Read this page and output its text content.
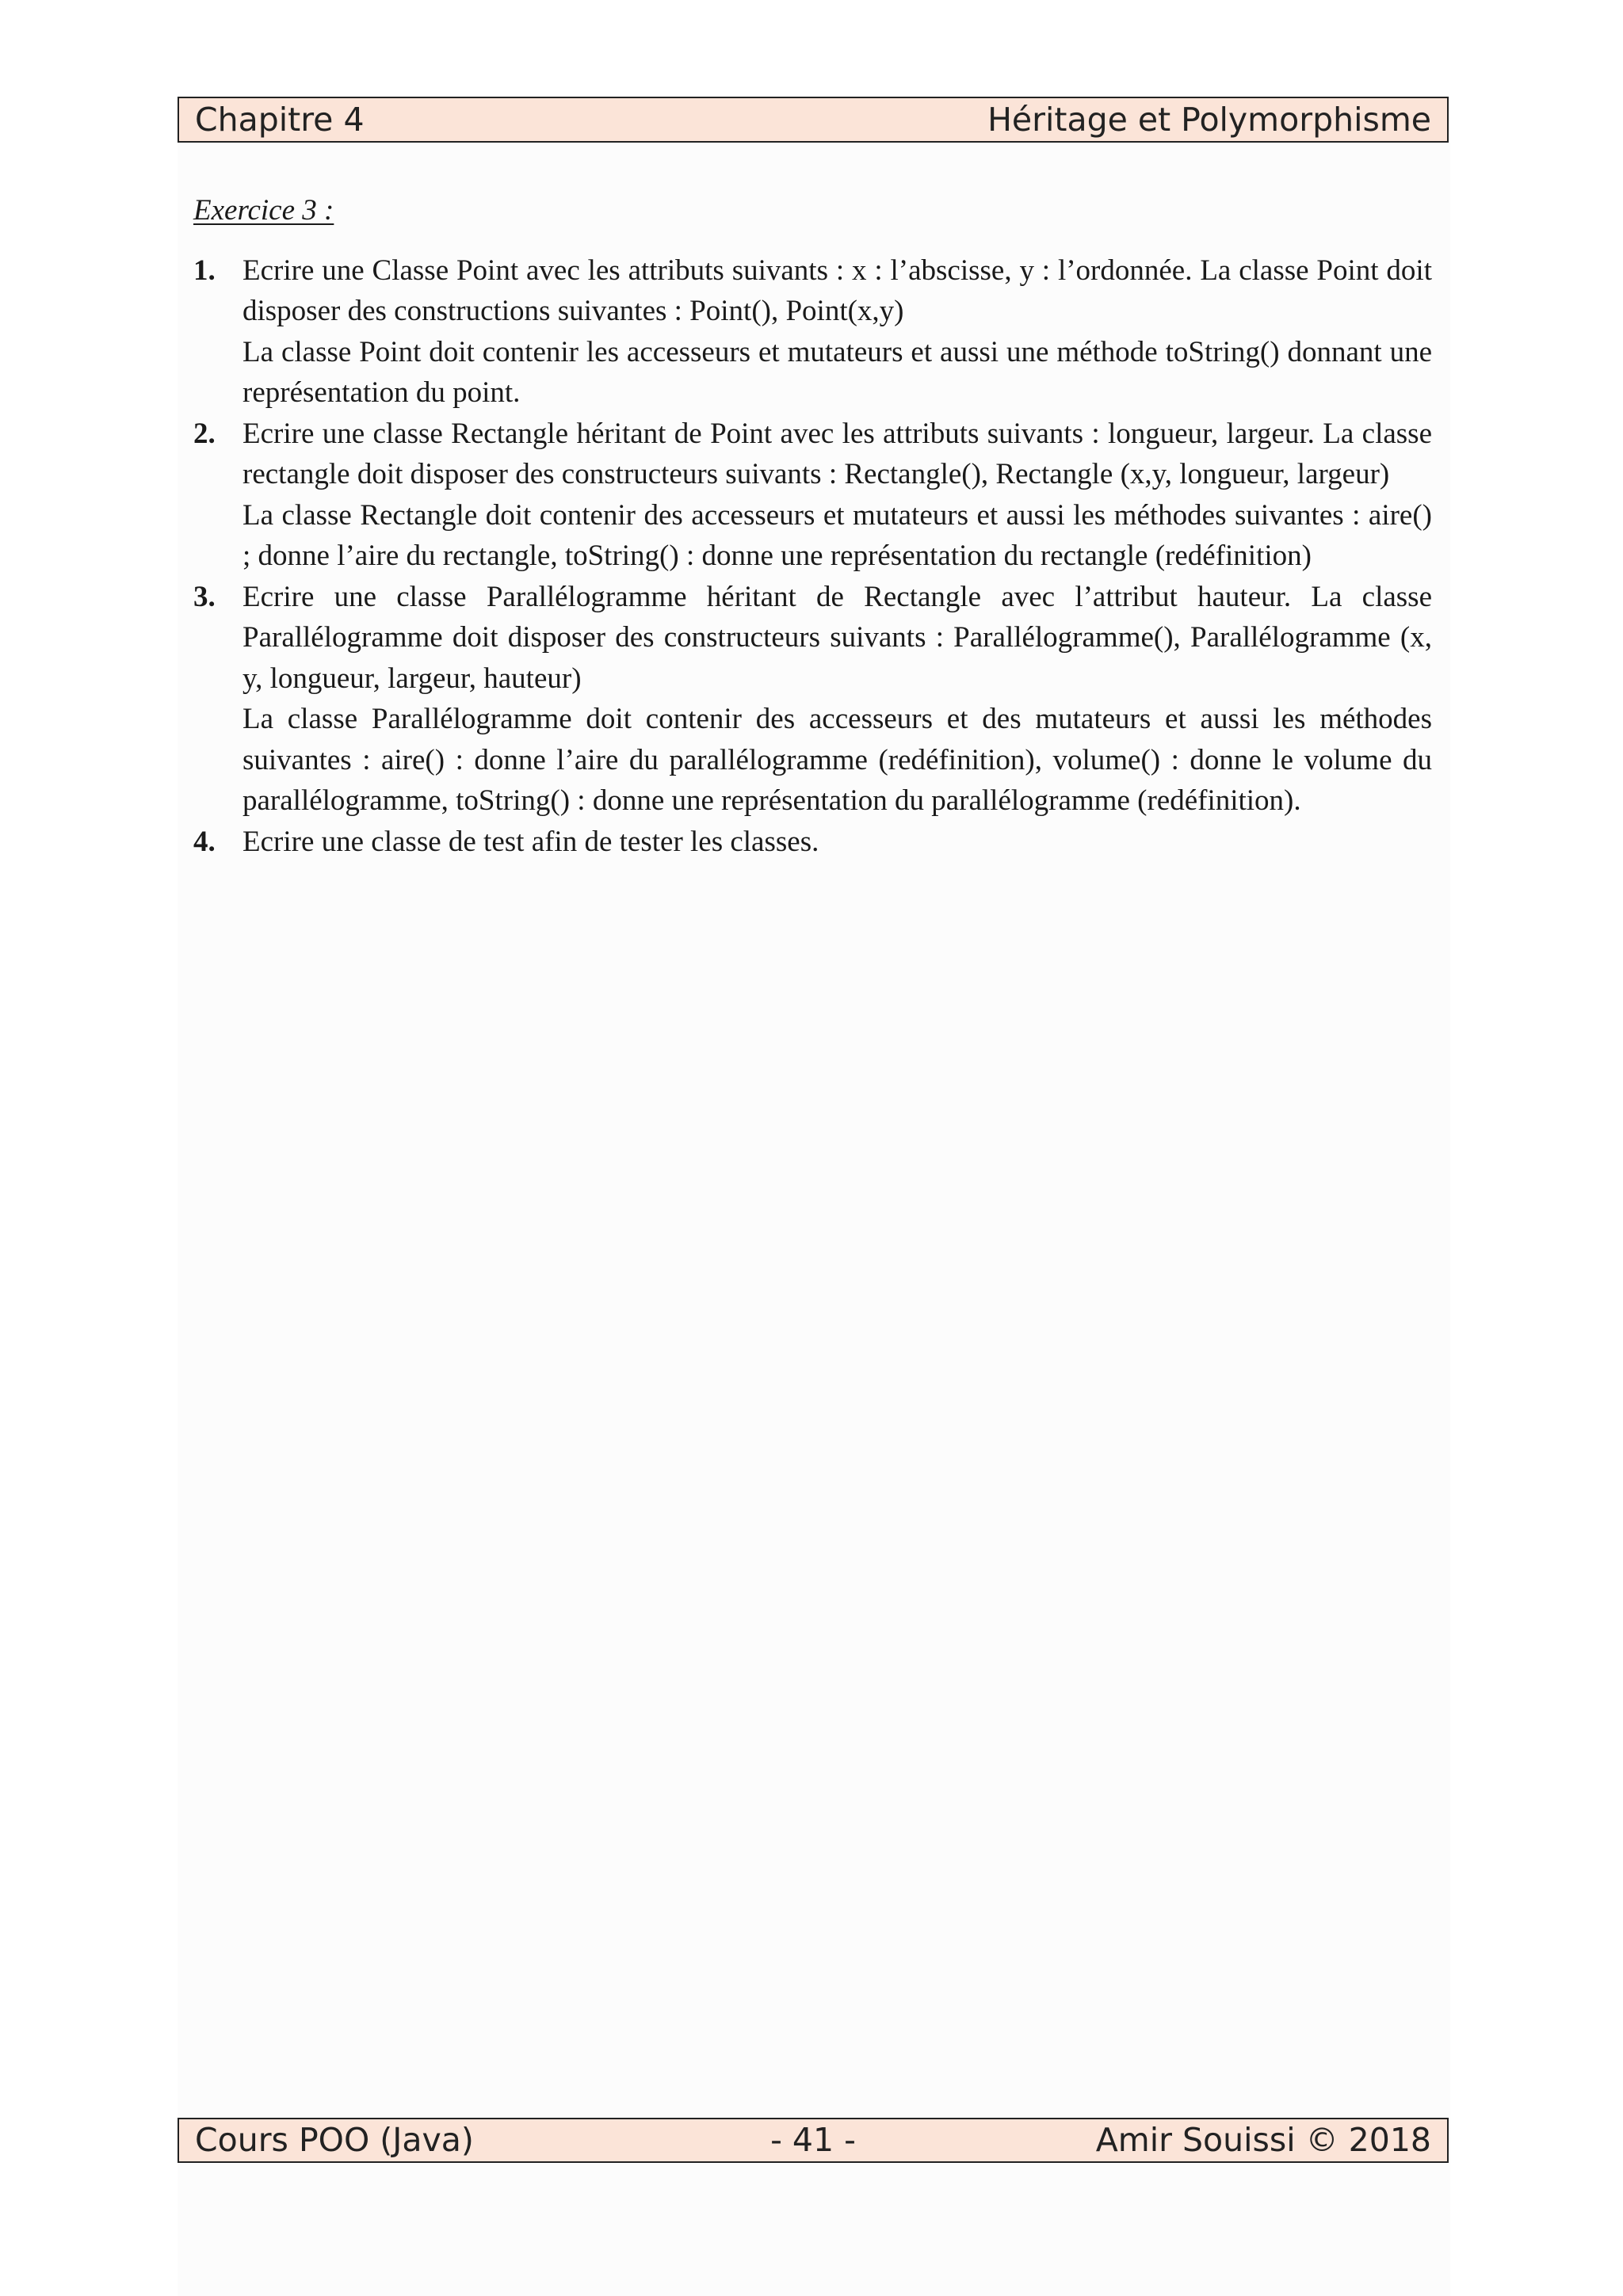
Chapitre 4	Héritage et Polymorphisme

Exercice 3 :

1. Ecrire une Classe Point avec les attributs suivants : x : l’abscisse, y : l’ordonnée. La classe Point doit disposer des constructions suivantes : Point(), Point(x,y)

La classe Point doit contenir les accesseurs et mutateurs et aussi une méthode toString() donnant une représentation du point.

2. Ecrire une classe Rectangle héritant de Point avec les attributs suivants : longueur, largeur. La classe rectangle doit disposer des constructeurs suivants : Rectangle(), Rectangle (x,y, longueur, largeur)

La classe Rectangle doit contenir des accesseurs et mutateurs et aussi les méthodes suivantes : aire() ; donne l’aire du rectangle, toString() : donne une représentation du rectangle (redéfinition)

3. Ecrire une classe Parallélogramme héritant de Rectangle avec l’attribut hauteur. La classe Parallélogramme doit disposer des constructeurs suivants : Parallélogramme(), Parallélogramme (x, y, longueur, largeur, hauteur)

La classe Parallélogramme doit contenir des accesseurs et des mutateurs et aussi les méthodes suivantes : aire() : donne l’aire du parallélogramme (redéfinition), volume() : donne le volume du parallélogramme, toString() : donne une représentation du parallélogramme (redéfinition).

4. Ecrire une classe de test afin de tester les classes.

Cours POO (Java)	- 41 -	Amir Souissi © 2018
